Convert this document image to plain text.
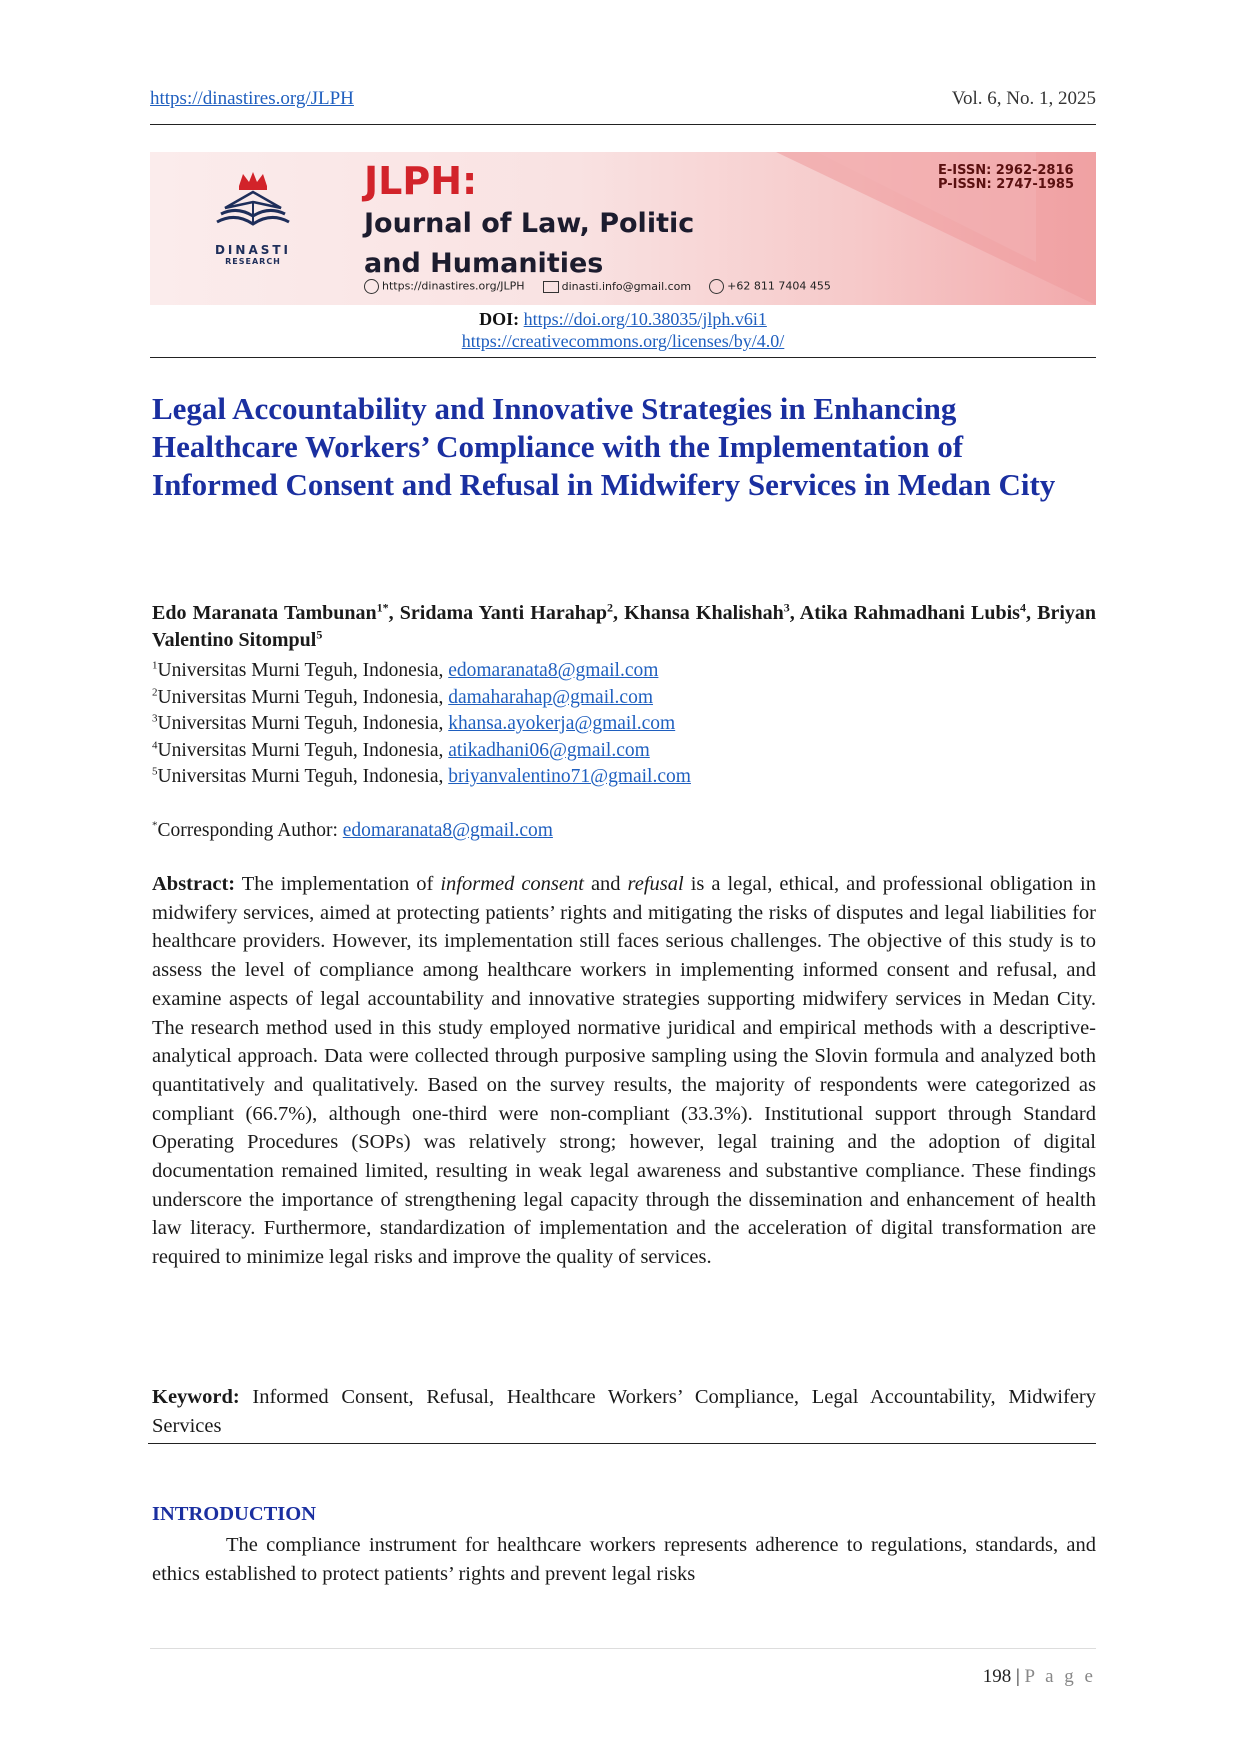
https://dinastires.org/JLPH	Vol. 6, No. 1, 2025
DINASTI
RESEARCH
JLPH:
Journal of Law, Politic
and Humanities
https://dinastires.org/JLPH	dinasti.info@gmail.com	+62 811 7404 455
E-ISSN: 2962-2816
P-ISSN: 2747-1985
DOI: https://doi.org/10.38035/jlph.v6i1
https://creativecommons.org/licenses/by/4.0/
Legal Accountability and Innovative Strategies in Enhancing Healthcare Workers’ Compliance with the Implementation of Informed Consent and Refusal in Midwifery Services in Medan City
Edo Maranata Tambunan$^{1*}$, Sridama Yanti Harahap$^2$, Khansa Khalishah$^3$, Atika Rahmadhani Lubis$^4$, Briyan Valentino Sitompul$^5$
$^1$Universitas Murni Teguh, Indonesia, edomaranata8@gmail.com
$^2$Universitas Murni Teguh, Indonesia, damaharahap@gmail.com
$^3$Universitas Murni Teguh, Indonesia, khansa.ayokerja@gmail.com
$^4$Universitas Murni Teguh, Indonesia, atikadhani06@gmail.com
$^5$Universitas Murni Teguh, Indonesia, briyanvalentino71@gmail.com
*Corresponding Author: edomaranata8@gmail.com

Abstract: The implementation of informed consent and refusal is a legal, ethical, and professional obligation in midwifery services, aimed at protecting patients’ rights and mitigating the risks of disputes and legal liabilities for healthcare providers. However, its implementation still faces serious challenges. The objective of this study is to assess the level of compliance among healthcare workers in implementing informed consent and refusal, and examine aspects of legal accountability and innovative strategies supporting midwifery services in Medan City. The research method used in this study employed normative juridical and empirical methods with a descriptive-analytical approach. Data were collected through purposive sampling using the Slovin formula and analyzed both quantitatively and qualitatively. Based on the survey results, the majority of respondents were categorized as compliant (66.7%), although one-third were non-compliant (33.3%). Institutional support through Standard Operating Procedures (SOPs) was relatively strong; however, legal training and the adoption of digital documentation remained limited, resulting in weak legal awareness and substantive compliance. These findings underscore the importance of strengthening legal capacity through the dissemination and enhancement of health law literacy. Furthermore, standardization of implementation and the acceleration of digital transformation are required to minimize legal risks and improve the quality of services.

Keyword: Informed Consent, Refusal, Healthcare Workers’ Compliance, Legal Accountability, Midwifery Services

INTRODUCTION

The compliance instrument for healthcare workers represents adherence to regulations, standards, and ethics established to protect patients’ rights and prevent legal risks

198 | P a g e
